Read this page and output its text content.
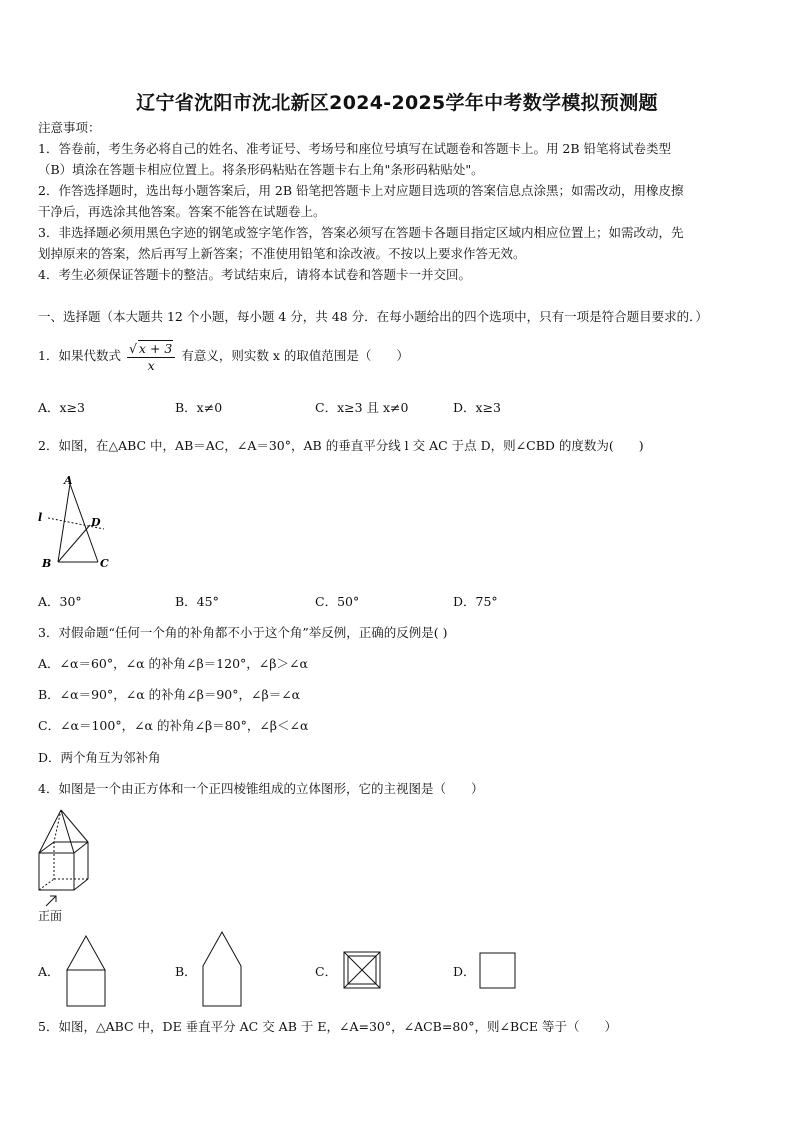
辽宁省沈阳市沈北新区2024-2025学年中考数学模拟预测题
注意事项：
1．答卷前，考生务必将自己的姓名、准考证号、考场号和座位号填写在试题卷和答题卡上。用 2B 铅笔将试卷类型
（B）填涂在答题卡相应位置上。将条形码粘贴在答题卡右上角"条形码粘贴处"。
2．作答选择题时，选出每小题答案后，用 2B 铅笔把答题卡上对应题目选项的答案信息点涂黑；如需改动，用橡皮擦
干净后，再选涂其他答案。答案不能答在试题卷上。
3．非选择题必须用黑色字迹的钢笔或签字笔作答，答案必须写在答题卡各题目指定区域内相应位置上；如需改动，先
划掉原来的答案，然后再写上新答案；不准使用铅笔和涂改液。不按以上要求作答无效。
4．考生必须保证答题卡的整洁。考试结束后，请将本试卷和答题卡一并交回。
一、选择题（本大题共 12 个小题，每小题 4 分，共 48 分．在每小题给出的四个选项中，只有一项是符合题目要求的．）
1．如果代数式 $\frac{√ x + 3}{x}$ 有意义，则实数 x 的取值范围是（　　）
A．x≥3	B．x≠0	C．x≥3 且 x≠0	D．x≥3
2．如图，在△ABC 中，AB＝AC，∠A＝30°，AB 的垂直平分线 l 交 AC 于点 D，则∠CBD 的度数为(　　)
A
l	D
B	C
A．30°	B．45°	C．50°	D．75°
3．对假命题“任何一个角的补角都不小于这个角”举反例，正确的反例是( )
A．∠α＝60°，∠α 的补角∠β＝120°，∠β＞∠α
B．∠α＝90°，∠α 的补角∠β＝90°，∠β＝∠α
C．∠α＝100°，∠α 的补角∠β＝80°，∠β＜∠α
D．两个角互为邻补角
4．如图是一个由正方体和一个正四棱锥组成的立体图形，它的主视图是（　　）
正面
A．	B．	C．	D．
5．如图，△ABC 中，DE 垂直平分 AC 交 AB 于 E，∠A=30°，∠ACB=80°，则∠BCE 等于（　　）
